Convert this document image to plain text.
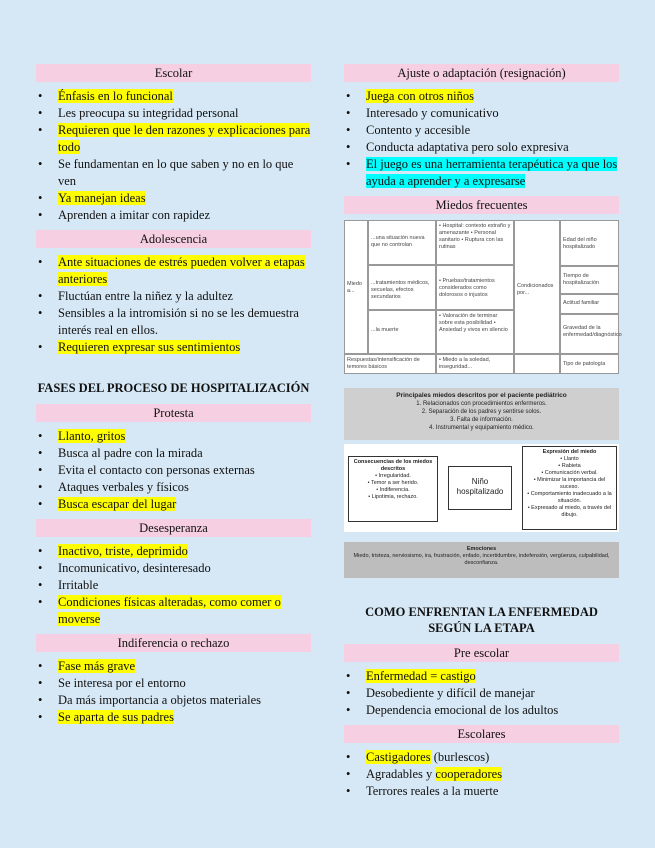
Escolar
• Énfasis en lo funcional
• Les preocupa su integridad personal
• Requieren que le den razones y explicaciones para todo
• Se fundamentan en lo que saben y no en lo que ven
• Ya manejan ideas
• Aprenden a imitar con rapidez
Adolescencia
• Ante situaciones de estrés pueden volver a etapas anteriores
• Fluctúan entre la niñez y la adultez
• Sensibles a la intromisión si no se les demuestra interés real en ellos.
• Requieren expresar sus sentimientos
FASES DEL PROCESO DE HOSPITALIZACIÓN
Protesta
• Llanto, gritos
• Busca al padre con la mirada
• Evita el contacto con personas externas
• Ataques verbales y físicos
• Busca escapar del lugar
Desesperanza
• Inactivo, triste, deprimido
• Incomunicativo, desinteresado
• Irritable
• Condiciones físicas alteradas, como comer o moverse
Indiferencia o rechazo
• Fase más grave
• Se interesa por el entorno
• Da más importancia a objetos materiales
• Se aparta de sus padres
Ajuste o adaptación (resignación)
• Juega con otros niños
• Interesado y comunicativo
• Contento y accesible
• Conducta adaptativa pero solo expresiva
• El juego es una herramienta terapéutica ya que los ayuda a aprender y a expresarse
Miedos frecuentes
Miedo a...
...una situación nueva que no controlan
...tratamientos médicos, secuelas, efectos secundarios
...la muerte
• Hospital: contexto extraño y amenazante • Personal sanitario • Ruptura con las rutinas
• Pruebas/tratamientos considerados como dolorosos o injustos
• Valoración de terminar sobre esta posibilidad • Ansiedad y vivos en silencio
Condicionados por...
Edad del niño hospitalizado
Tiempo de hospitalización
Actitud familiar
Gravedad de la enfermedad/diagnóstico
Respuestas/intensificación de temores básicos
• Miedo a la soledad, inseguridad...	Tipo de patología
Principales miedos descritos por el paciente pediátrico
1. Relacionados con procedimientos enfermeros.
2. Separación de los padres y sentirse solos.
3. Falta de información.
4. Instrumental y equipamiento médico.
Consecuencias de los miedos descritos
• Irregularidad.
• Temor a ser herido.
• Indiferencia.
• Lipotimia, rechazo.
Niño hospitalizado
Expresión del miedo
• Llanto
• Rabieta
• Comunicación verbal.
• Minimizar la importancia del suceso.
• Comportamiento inadecuado a la situación.
• Expresado al miedo, a través del dibujo.
Emociones
Miedo, tristeza, nerviosismo, ira, frustración, enfado, incertidumbre, indefensión, vergüenza, culpabilidad, desconfianza.
COMO ENFRENTAN LA ENFERMEDAD SEGÚN LA ETAPA
Pre escolar
• Enfermedad = castigo
• Desobediente y difícil de manejar
• Dependencia emocional de los adultos
Escolares
• Castigadores (burlescos)
• Agradables y cooperadores
• Terrores reales a la muerte
